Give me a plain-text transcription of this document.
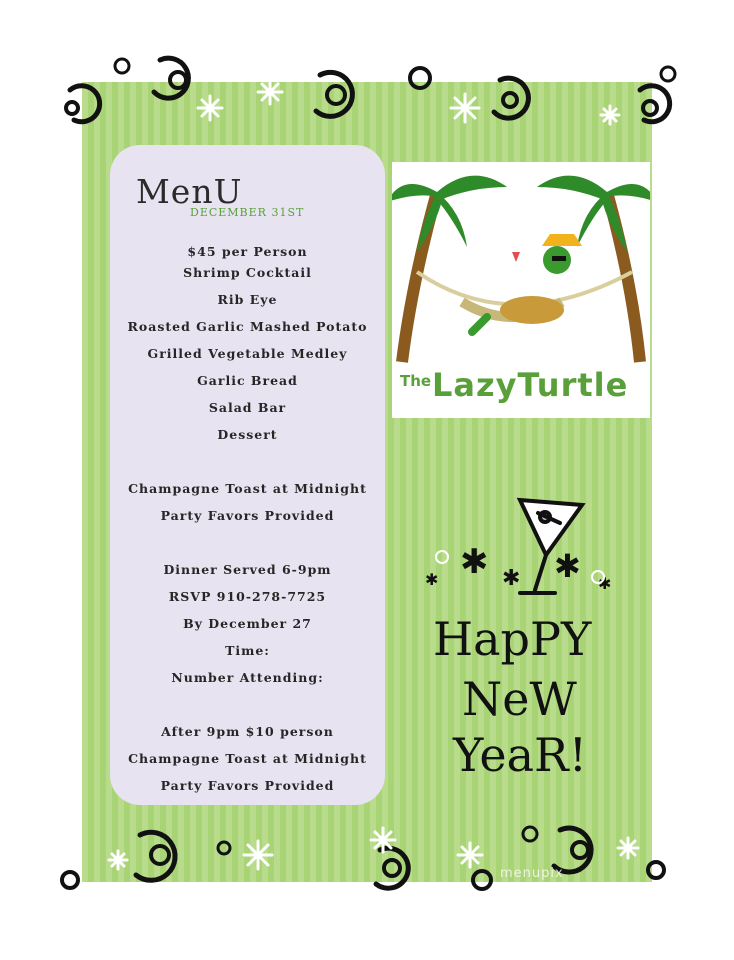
MenU
DECEMBER 31ST
$45 per Person
Shrimp Cocktail
Rib Eye
Roasted Garlic Mashed Potato
Grilled Vegetable Medley
Garlic Bread
Salad Bar
Dessert
Champagne Toast at Midnight
Party Favors Provided
Dinner Served 6-9pm
RSVP 910-278-7725
By December 27
Time:
Number Attending:
After 9pm $10 person
Champagne Toast at Midnight
Party Favors Provided
The LazyTurtle
✱ ✱ ✱
✱	✱
HapPY
NeW
YeaR!
menupix
